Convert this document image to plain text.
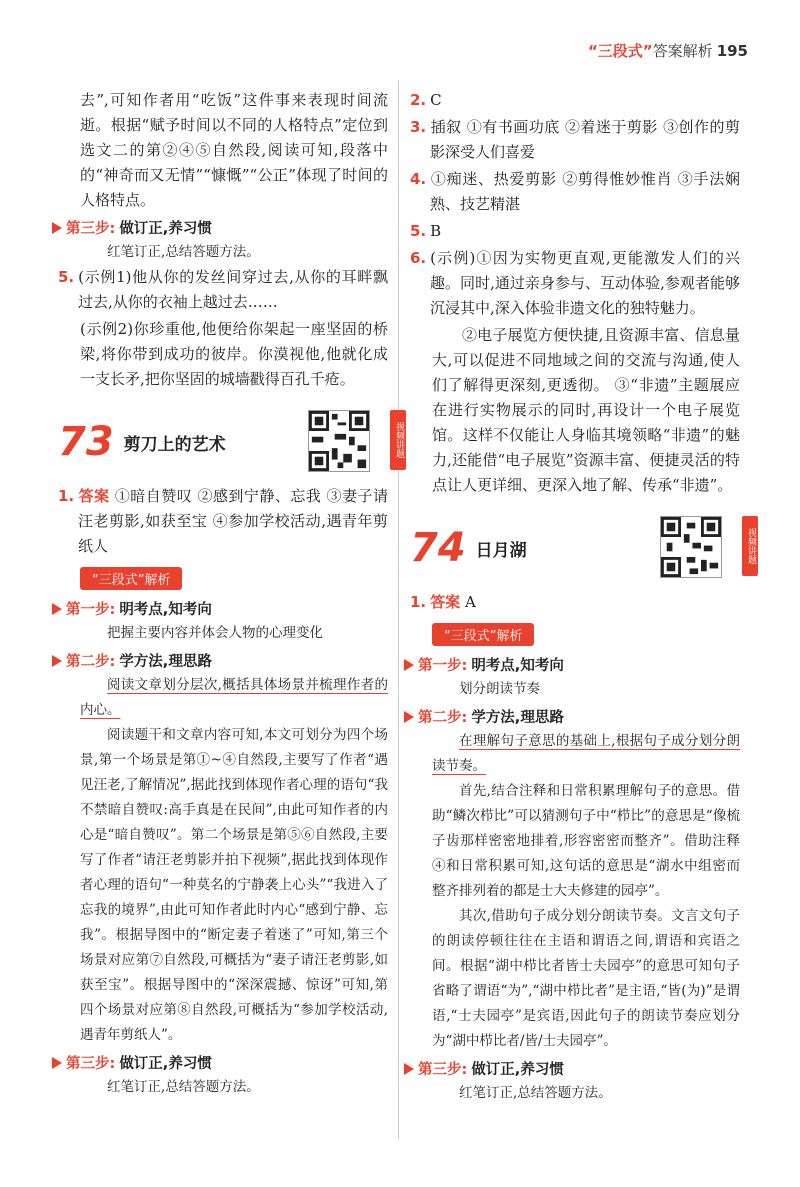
“三段式”答案解析 195

去”,可知作者用“吃饭”这件事来表现时间流逝。根据“赋予时间以不同的人格特点”定位到选文二的第②④⑤自然段,阅读可知,段落中的“神奇而又无情”“慷慨”“公正”体现了时间的人格特点。

第三步: 做订正,养习惯

红笔订正,总结答题方法。

5. (示例1)他从你的发丝间穿过去,从你的耳畔飘过去,从你的衣袖上越过去……

(示例2)你珍重他,他便给你架起一座坚固的桥梁,将你带到成功的彼岸。你漠视他,他就化成一支长矛,把你坚固的城墙戳得百孔千疮。

73 剪刀上的艺术	视频讲题
1. 答案 ①暗自赞叹 ②感到宁静、忘我 ③妻子请汪老剪影,如获至宝 ④参加学校活动,遇青年剪纸人
“三段式”解析
第一步: 明考点,知考向

把握主要内容并体会人物的心理变化

第二步: 学方法,理思路

阅读文章划分层次,概括具体场景并梳理作者的内心。

阅读题干和文章内容可知,本文可划分为四个场景,第一个场景是第①~④自然段,主要写了作者“遇见汪老,了解情况”,据此找到体现作者心理的语句“我不禁暗自赞叹:高手真是在民间”,由此可知作者的内心是“暗自赞叹”。第二个场景是第⑤⑥自然段,主要写了作者“请汪老剪影并拍下视频”,据此找到体现作者心理的语句“一种莫名的宁静袭上心头”“我进入了忘我的境界”,由此可知作者此时内心“感到宁静、忘我”。根据导图中的“断定妻子着迷了”可知,第三个场景对应第⑦自然段,可概括为“妻子请汪老剪影,如获至宝”。根据导图中的“深深震撼、惊讶”可知,第四个场景对应第⑧自然段,可概括为“参加学校活动,遇青年剪纸人”。

第三步: 做订正,养习惯

红笔订正,总结答题方法。

2. C
3. 插叙 ①有书画功底 ②着迷于剪影 ③创作的剪影深受人们喜爱
4. ①痴迷、热爱剪影 ②剪得惟妙惟肖 ③手法娴熟、技艺精湛
5. B
6. (示例)①因为实物更直观,更能激发人们的兴趣。同时,通过亲身参与、互动体验,参观者能够沉浸其中,深入体验非遗文化的独特魅力。

②电子展览方便快捷,且资源丰富、信息量大,可以促进不同地域之间的交流与沟通,使人们了解得更深刻,更透彻。 ③“非遗”主题展应在进行实物展示的同时,再设计一个电子展览馆。这样不仅能让人身临其境领略“非遗”的魅力,还能借“电子展览”资源丰富、便捷灵活的特点让人更详细、更深入地了解、传承“非遗”。

74 日月湖	视频讲题
1. 答案 A
“三段式”解析
第一步: 明考点,知考向

划分朗读节奏

第二步: 学方法,理思路

在理解句子意思的基础上,根据句子成分划分朗读节奏。

首先,结合注释和日常积累理解句子的意思。借助“鳞次栉比”可以猜测句子中“栉比”的意思是“像梳子齿那样密密地排着,形容密密而整齐”。借助注释④和日常积累可知,这句话的意思是“湖水中组密而整齐排列着的都是士大夫修建的园亭”。

其次,借助句子成分划分朗读节奏。文言文句子的朗读停顿往往在主语和谓语之间,谓语和宾语之间。根据“湖中栉比者皆士夫园亭”的意思可知句子省略了谓语“为”,“湖中栉比者”是主语,“皆(为)”是谓语,“士夫园亭”是宾语,因此句子的朗读节奏应划分为“湖中栉比者/皆/士夫园亭”。

第三步: 做订正,养习惯

红笔订正,总结答题方法。
